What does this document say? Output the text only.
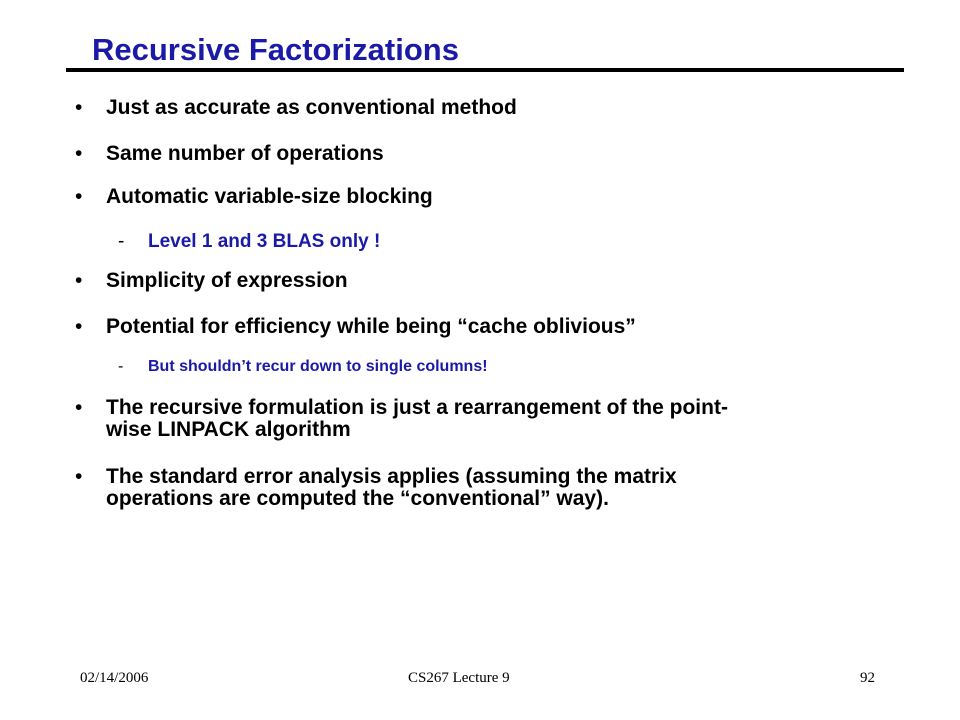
Recursive Factorizations
• Just as accurate as conventional method
• Same number of operations
• Automatic variable-size blocking
- Level 1 and 3 BLAS only !
• Simplicity of expression
• Potential for efficiency while being “cache oblivious”
- But shouldn’t recur down to single columns!
• The recursive formulation is just a rearrangement of the point-
wise LINPACK algorithm
• The standard error analysis applies (assuming the matrix
operations are computed the “conventional” way).

02/14/2006	CS267 Lecture 9	92
